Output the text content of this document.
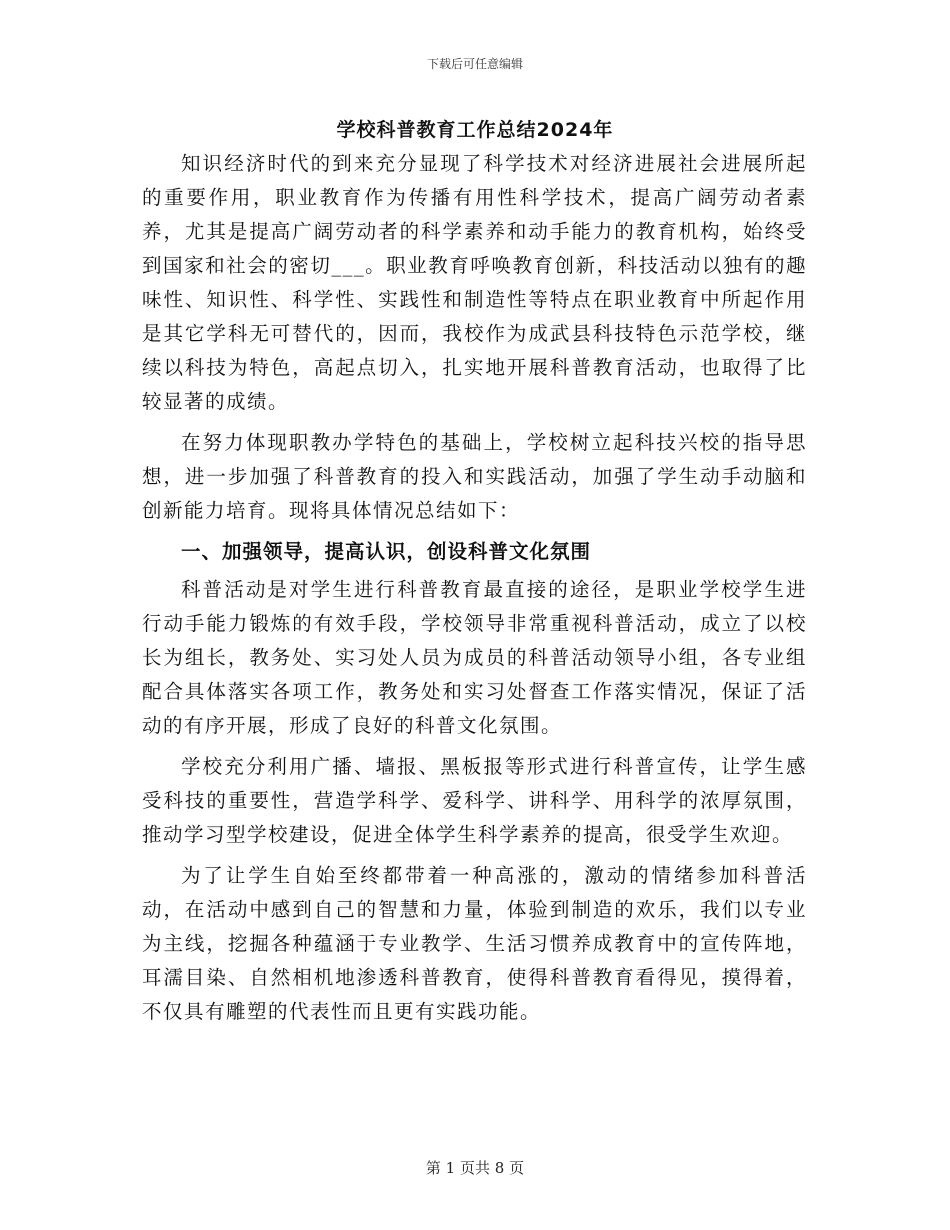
下载后可任意编辑
学校科普教育工作总结2024年

知识经济时代的到来充分显现了科学技术对经济进展社会进展所起的重要作用，职业教育作为传播有用性科学技术，提高广阔劳动者素养，尤其是提高广阔劳动者的科学素养和动手能力的教育机构，始终受到国家和社会的密切___。职业教育呼唤教育创新，科技活动以独有的趣味性、知识性、科学性、实践性和制造性等特点在职业教育中所起作用是其它学科无可替代的，因而，我校作为成武县科技特色示范学校，继续以科技为特色，高起点切入，扎实地开展科普教育活动，也取得了比较显著的成绩。

在努力体现职教办学特色的基础上，学校树立起科技兴校的指导思想，进一步加强了科普教育的投入和实践活动，加强了学生动手动脑和创新能力培育。现将具体情况总结如下：

一、加强领导，提高认识，创设科普文化氛围

科普活动是对学生进行科普教育最直接的途径，是职业学校学生进行动手能力锻炼的有效手段，学校领导非常重视科普活动，成立了以校长为组长，教务处、实习处人员为成员的科普活动领导小组，各专业组配合具体落实各项工作，教务处和实习处督查工作落实情况，保证了活动的有序开展，形成了良好的科普文化氛围。

学校充分利用广播、墙报、黑板报等形式进行科普宣传，让学生感受科技的重要性，营造学科学、爱科学、讲科学、用科学的浓厚氛围，推动学习型学校建设，促进全体学生科学素养的提高，很受学生欢迎。

为了让学生自始至终都带着一种高涨的，激动的情绪参加科普活动，在活动中感到自己的智慧和力量，体验到制造的欢乐，我们以专业为主线，挖掘各种蕴涵于专业教学、生活习惯养成教育中的宣传阵地，耳濡目染、自然相机地渗透科普教育，使得科普教育看得见，摸得着，不仅具有雕塑的代表性而且更有实践功能。

第 1 页共 8 页
